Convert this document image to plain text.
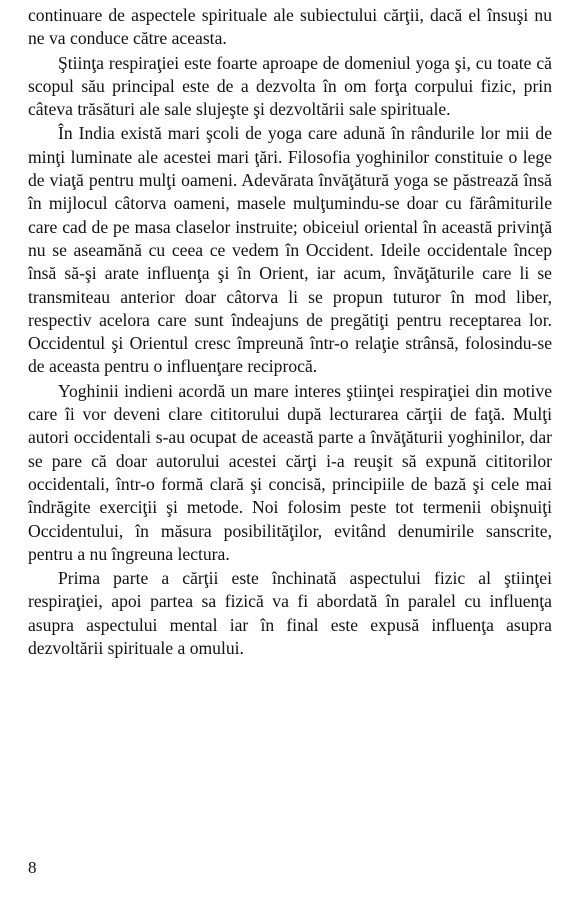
continuare de aspectele spirituale ale subiectului cărţii, dacă el însuşi nu ne va conduce către aceasta.

Ştiinţa respiraţiei este foarte aproape de domeniul yoga şi, cu toate că scopul său principal este de a dezvolta în om forţa corpului fizic, prin câteva trăsături ale sale slujeşte şi dezvoltării sale spirituale.

În India există mari şcoli de yoga care adună în rândurile lor mii de minţi luminate ale acestei mari ţări. Filosofia yoghinilor constituie o lege de viaţă pentru mulţi oameni. Adevărata învăţătură yoga se păstrează însă în mijlocul câtorva oameni, masele mulţumindu-se doar cu fărâmiturile care cad de pe masa claselor instruite; obiceiul oriental în această privinţă nu se aseamănă cu ceea ce vedem în Occident. Ideile occidentale încep însă să-şi arate influenţa şi în Orient, iar acum, învăţăturile care li se transmiteau anterior doar câtorva li se propun tuturor în mod liber, respectiv acelora care sunt îndeajuns de pregătiţi pentru receptarea lor. Occidentul şi Orientul cresc împreună într-o relaţie strânsă, folosindu-se de aceasta pentru o influenţare reciprocă.

Yoghinii indieni acordă un mare interes ştiinţei respiraţiei din motive care îi vor deveni clare cititorului după lecturarea cărţii de faţă. Mulţi autori occidentali s-au ocupat de această parte a învăţăturii yoghinilor, dar se pare că doar autorului acestei cărţi i-a reuşit să expună cititorilor occidentali, într-o formă clară şi concisă, principiile de bază şi cele mai îndrăgite exerciţii şi metode. Noi folosim peste tot termenii obişnuiţi Occidentului, în măsura posibilităţilor, evitând denumirile sanscrite, pentru a nu îngreuna lectura.

Prima parte a cărţii este închinată aspectului fizic al ştiinţei respiraţiei, apoi partea sa fizică va fi abordată în paralel cu influenţa asupra aspectului mental iar în final este expusă influenţa asupra dezvoltării spirituale a omului.

8
